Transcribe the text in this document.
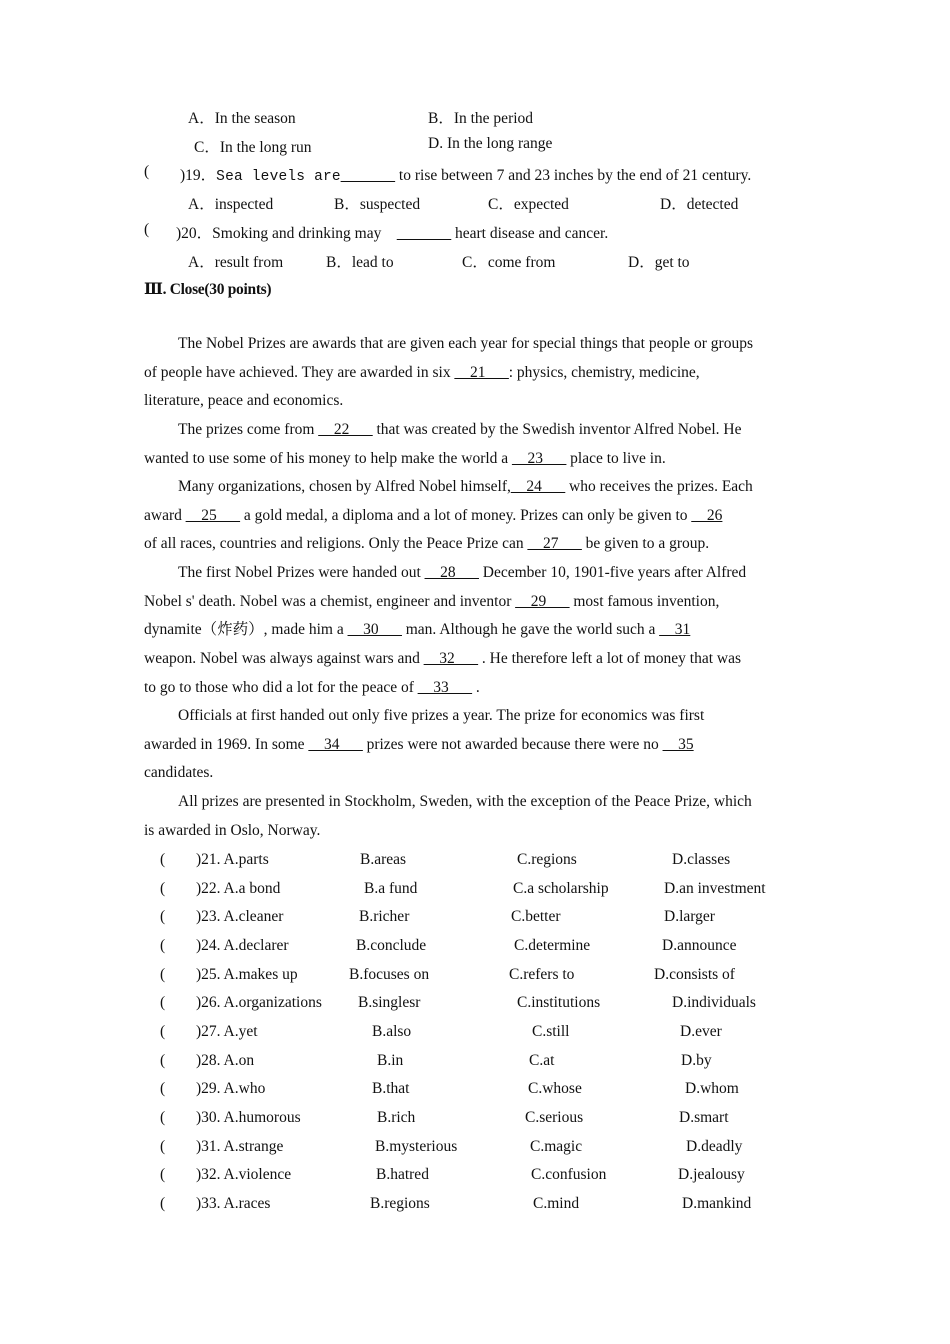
A．In the season	B．In the period
C．In the long run	D. In the long range
( )19．Sea levels are_______ to rise between 7 and 23 inches by the end of 21 century.
A．inspected	B．suspected	C．expected	D．detected
( )20．Smoking and drinking may _______ heart disease and cancer.
A．result from	B．lead to	C．come from	D．get to
Ⅲ. Close(30 points)
The Nobel Prizes are awards that are given each year for special things that people or groups
of people have achieved. They are awarded in six __21___: physics, chemistry, medicine,
literature, peace and economics.
The prizes come from __22___ that was created by the Swedish inventor Alfred Nobel. He
wanted to use some of his money to help make the world a __23___ place to live in.
Many organizations, chosen by Alfred Nobel himself,__24___ who receives the prizes. Each
award __25___ a gold medal, a diploma and a lot of money. Prizes can only be given to __26
of all races, countries and religions. Only the Peace Prize can __27___ be given to a group.
The first Nobel Prizes were handed out __28___ December 10, 1901-five years after Alfred
Nobel s' death. Nobel was a chemist, engineer and inventor __29___ most famous invention,
dynamite（炸药）, made him a __30___ man. Although he gave the world such a __31
weapon. Nobel was always against wars and __32___ . He therefore left a lot of money that was
to go to those who did a lot for the peace of __33___ .
Officials at first handed out only five prizes a year. The prize for economics was first
awarded in 1969. In some __34___ prizes were not awarded because there were no __35
candidates.
All prizes are presented in Stockholm, Sweden, with the exception of the Peace Prize, which
is awarded in Oslo, Norway.
( )21. A.parts	B.areas	C.regions	D.classes
( )22. A.a bond	B.a fund	C.a scholarship	D.an investment
( )23. A.cleaner	B.richer	C.better	D.larger
( )24. A.declarer	B.conclude	C.determine	D.announce
( )25. A.makes up	B.focuses on	C.refers to	D.consists of
( )26. A.organizations B.singlesr	C.institutions	D.individuals
( )27. A.yet	B.also	C.still	D.ever
( )28. A.on	B.in	C.at	D.by
( )29. A.who	B.that	C.whose	D.whom
( )30. A.humorous	B.rich	C.serious	D.smart
( )31. A.strange	B.mysterious	C.magic	D.deadly
( )32. A.violence	B.hatred	C.confusion	D.jealousy
( )33. A.races	B.regions	C.mind	D.mankind
